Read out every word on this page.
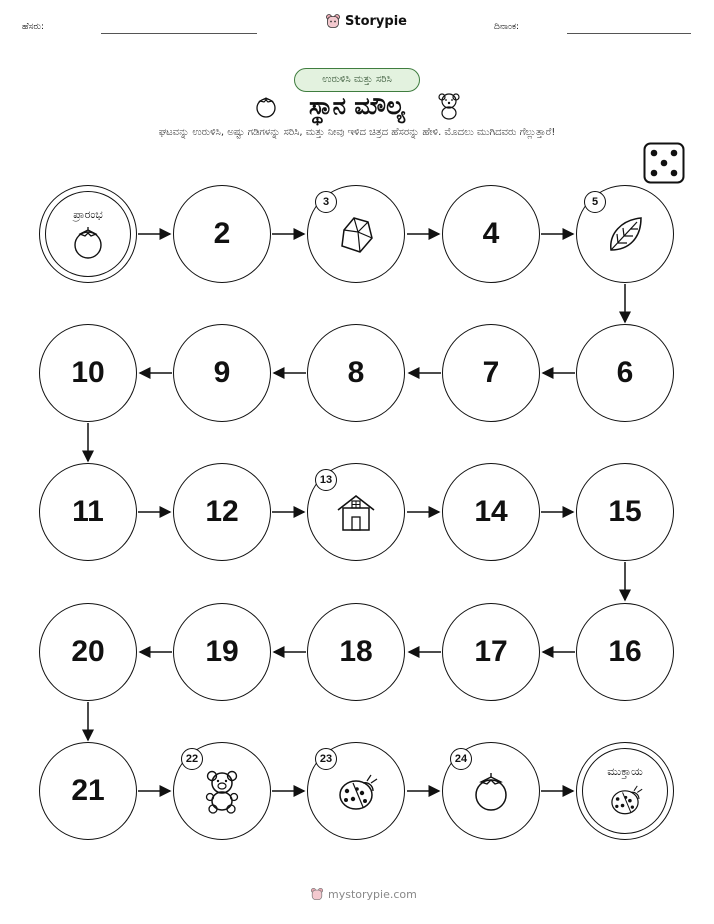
ಹೆಸರು:	Storypie	ದಿನಾಂಕ:
ಉರುಳಿಸಿ ಮತ್ತು ಸರಿಸಿ
ಸ್ಥಾನ ಮೌಲ್ಯ
ಘಟವನ್ನು ಉರುಳಿಸಿ, ಅಷ್ಟು ಗಡಿಗಳನ್ನು ಸರಿಸಿ, ಮತ್ತು ನೀವು ಇಳಿದ ಚಿತ್ರದ ಹೆಸರನ್ನು ಹೇಳಿ. ಮೊದಲು ಮುಗಿದವರು ಗೆಲ್ಲುತ್ತಾರೆ!
ಪ್ರಾರಂಭ
2
3
4
5
10	9	8	7	6
11	12
13
14	15
20	19	18	17	16
21
22	23	24
ಮುಕ್ತಾಯ
mystorypie.com
